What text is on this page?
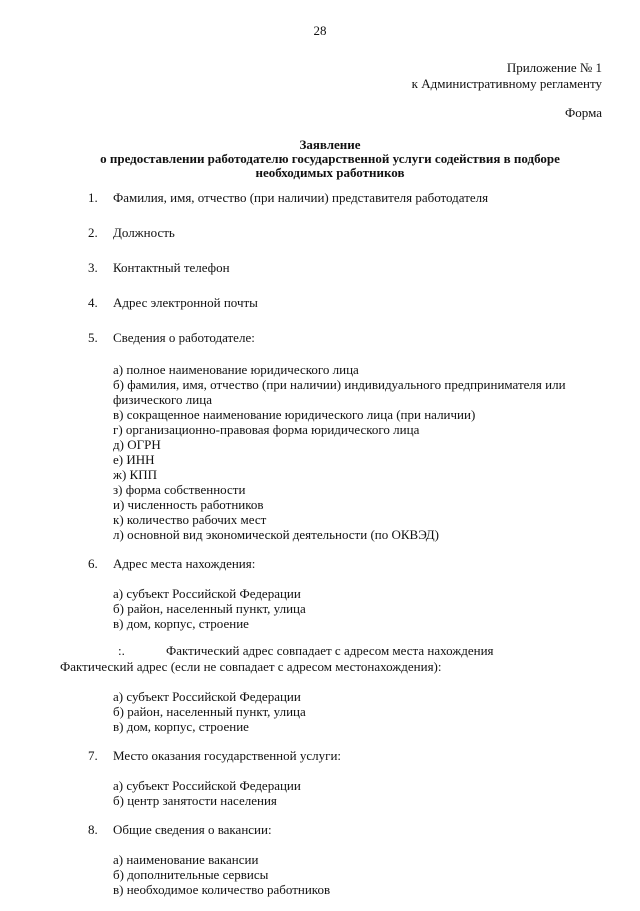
28
Приложение № 1
к Административному регламенту
Форма
Заявление
о предоставлении работодателю государственной услуги содействия в подборе
необходимых работников
1. Фамилия, имя, отчество (при наличии) представителя работодателя
2. Должность
3. Контактный телефон
4. Адрес электронной почты
5. Сведения о работодателе:
а) полное наименование юридического лица
б) фамилия, имя, отчество (при наличии) индивидуального предпринимателя или
физического лица
в) сокращенное наименование юридического лица (при наличии)
г) организационно-правовая форма юридического лица
д) ОГРН
е) ИНН
ж) КПП
з) форма собственности
и) численность работников
к) количество рабочих мест
л) основной вид экономической деятельности (по ОКВЭД)
6. Адрес места нахождения:
а) субъект Российской Федерации
б) район, населенный пункт, улица
в) дом, корпус, строение
:.	Фактический адрес совпадает с адресом места нахождения
Фактический адрес (если не совпадает с адресом местонахождения):
а) субъект Российской Федерации
б) район, населенный пункт, улица
в) дом, корпус, строение
7. Место оказания государственной услуги:
а) субъект Российской Федерации
б) центр занятости населения
8. Общие сведения о вакансии:
а) наименование вакансии
б) дополнительные сервисы
в) необходимое количество работников
